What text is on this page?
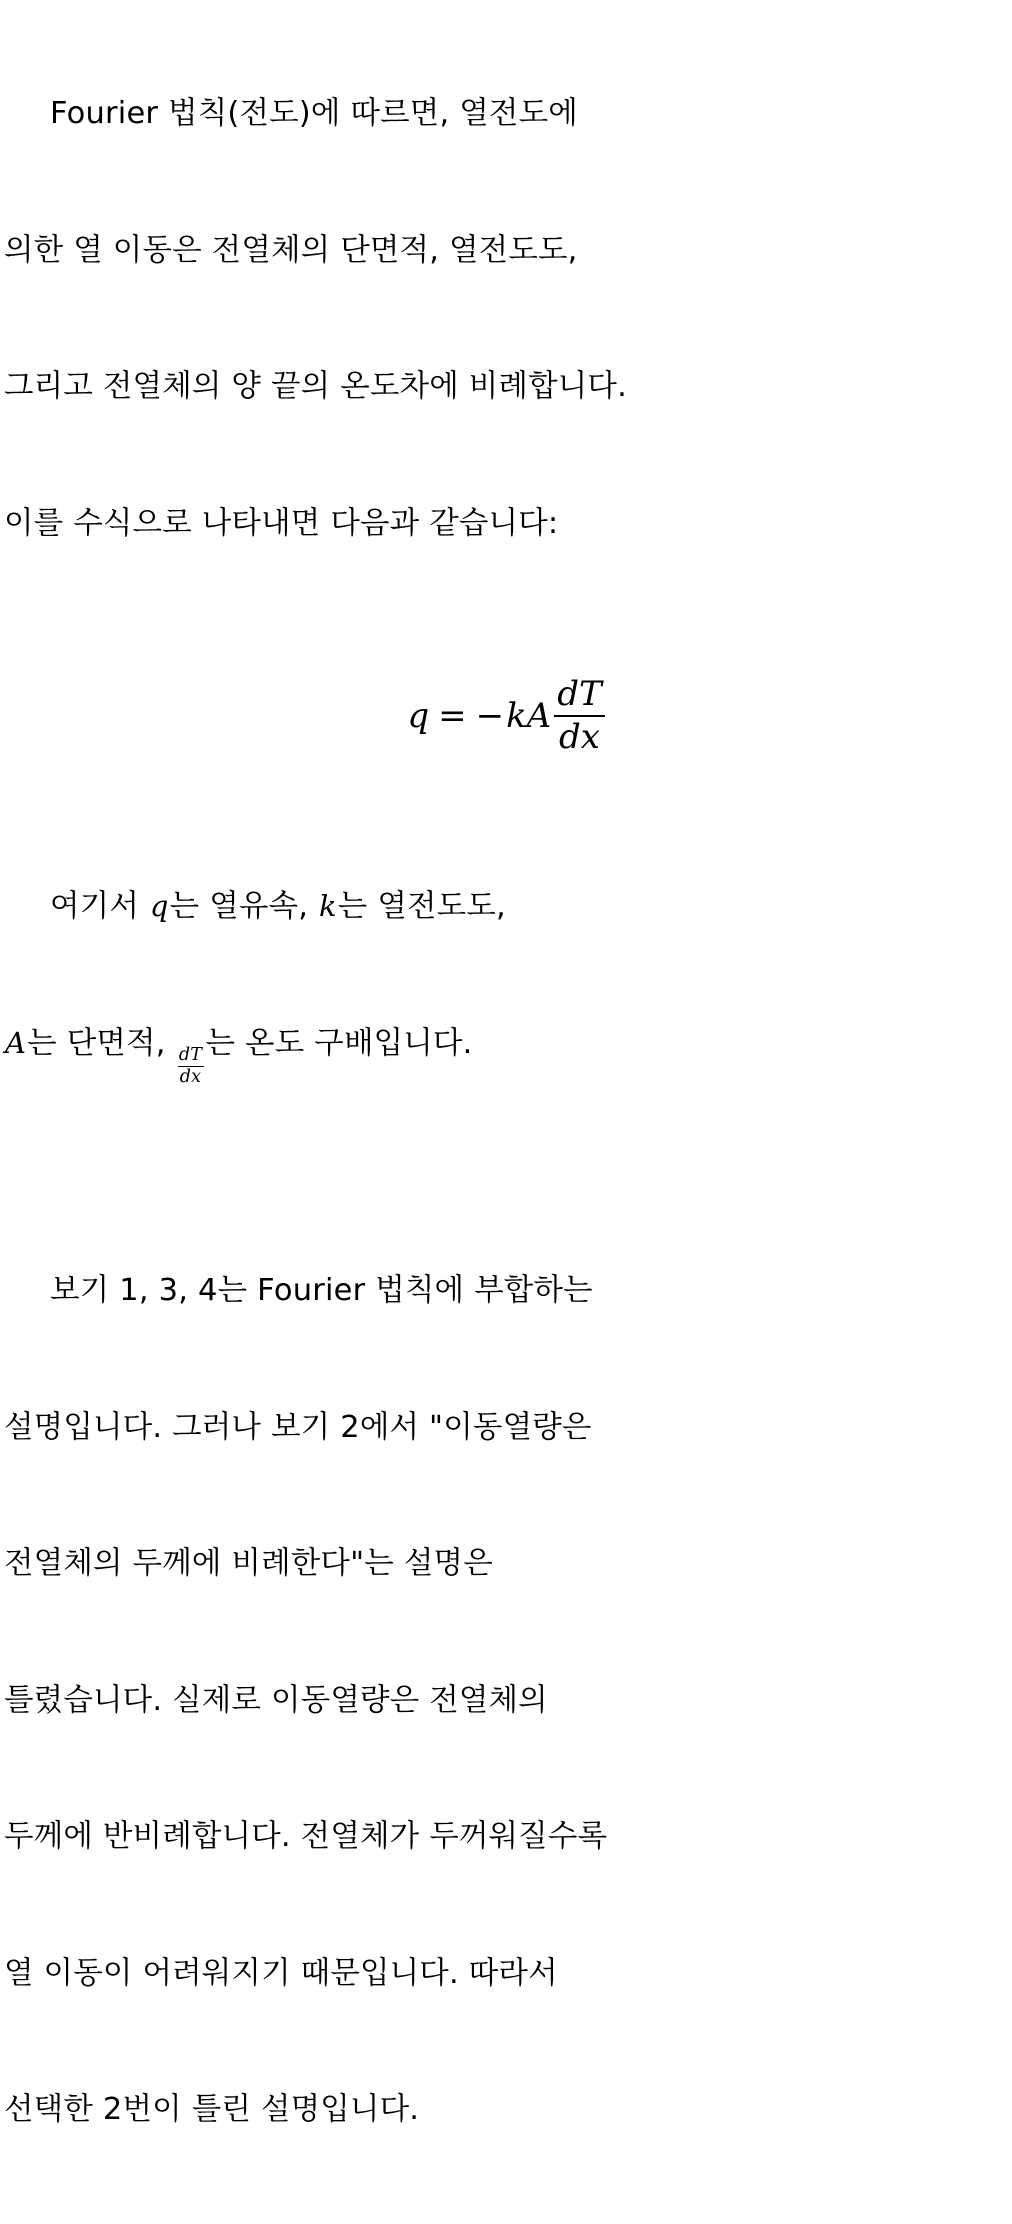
Fourier 법칙(전도)에 따르면, 열전도에

의한 열 이동은 전열체의 단면적, 열전도도,

그리고 전열체의 양 끝의 온도차에 비례합니다.

이를 수식으로 나타내면 다음과 같습니다:

q = − kA $\frac{dT}{dx}$

여기서 q는 열유속, k는 열전도도,

A는 단면적,
$\frac{dT}{dx}$
는 온도 구배입니다.

보기 1, 3, 4는 Fourier 법칙에 부합하는

설명입니다. 그러나 보기 2에서 "이동열량은

전열체의 두께에 비례한다"는 설명은

틀렸습니다. 실제로 이동열량은 전열체의

두께에 반비례합니다. 전열체가 두꺼워질수록

열 이동이 어려워지기 때문입니다. 따라서

선택한 2번이 틀린 설명입니다.
